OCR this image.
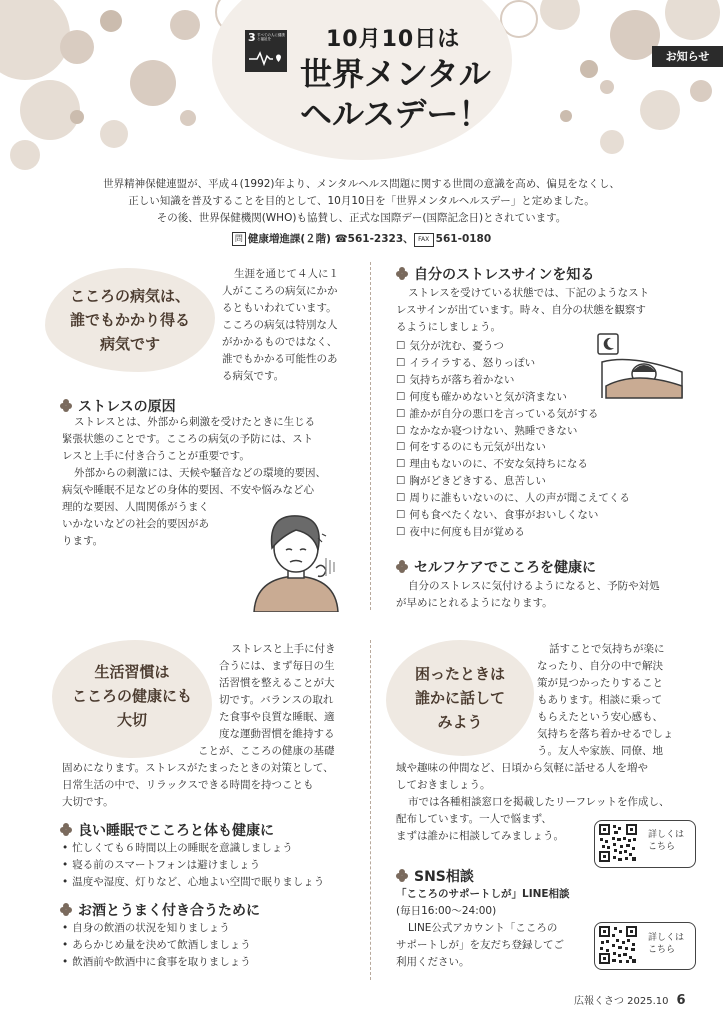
3 すべての人に健康と福祉を	10月10日は
世界メンタル
ヘルスデー！
お知らせ
世界精神保健連盟が、平成４(1992)年より、メンタルヘルス問題に関する世間の意識を高め、偏見をなくし、
正しい知識を普及することを目的として、10月10日を「世界メンタルヘルスデー」と定めました。
その後、世界保健機関(WHO)も協賛し、正式な国際デー(国際記念日)とされています。
問 健康増進課(２階) ☎561-2323、 FAX 561-0180
こころの病気は、
誰でもかかり得る
病気です
生涯を通じて４人に１
人がこころの病気にかか
るともいわれています。
こころの病気は特別な人
がかかるものではなく、
誰でもかかる可能性のあ
る病気です。
ストレスの原因
ストレスとは、外部から刺激を受けたときに生じる
緊張状態のことです。こころの病気の予防には、スト
レスと上手に付き合うことが重要です。
外部からの刺激には、天候や騒音などの環境的要因、
病気や睡眠不足などの身体的要因、不安や悩みなど心
理的な要因、人間関係がうまく
いかないなどの社会的要因があ
ります。
自分のストレスサインを知る
ストレスを受けている状態では、下記のようなスト
レスサインが出ています。時々、自分の状態を観察す
るようにしましょう。
☐ 気分が沈む、憂うつ
☐ イライラする、怒りっぽい
☐ 気持ちが落ち着かない
☐ 何度も確かめないと気が済まない
☐ 誰かが自分の悪口を言っている気がする
☐ なかなか寝つけない、熟睡できない
☐ 何をするのにも元気が出ない
☐ 理由もないのに、不安な気持ちになる
☐ 胸がどきどきする、息苦しい
☐ 周りに誰もいないのに、人の声が聞こえてくる
☐ 何も食べたくない、食事がおいしくない
☐ 夜中に何度も目が覚める
セルフケアでこころを健康に
自分のストレスに気付けるようになると、予防や対処
が早めにとれるようになります。
生活習慣は
こころの健康にも
大切
ストレスと上手に付き
合うには、まず毎日の生
活習慣を整えることが大
切です。バランスの取れ
た食事や良質な睡眠、適
度な運動習慣を維持する
ことが、こころの健康の基礎
固めになります。ストレスがたまったときの対策として、
日常生活の中で、リラックスできる時間を持つことも
大切です。
良い睡眠でこころと体も健康に
• 忙しくても６時間以上の睡眠を意識しましょう
• 寝る前のスマートフォンは避けましょう
• 温度や湿度、灯りなど、心地よい空間で眠りましょう
お酒とうまく付き合うために
• 自身の飲酒の状況を知りましょう
• あらかじめ量を決めて飲酒しましょう
• 飲酒前や飲酒中に食事を取りましょう
困ったときは
誰かに話して
みよう
話すことで気持ちが楽に
なったり、自分の中で解決
策が見つかったりすること
もあります。相談に乗って
もらえたという安心感も、
気持ちを落ち着かせるでしょ
う。友人や家族、同僚、地
域や趣味の仲間など、日頃から気軽に話せる人を増や
しておきましょう。
市では各種相談窓口を掲載したリーフレットを作成し、
配布しています。一人で悩まず、
まずは誰かに相談してみましょう。	詳しくは
こちら
SNS相談
「こころのサポートしが」LINE相談
(毎日16:00～24:00)
LINE公式アカウント「こころの
サポートしが」を友だち登録してご
利用ください。
詳しくは
こちら
広報くさつ 2025.10 6
